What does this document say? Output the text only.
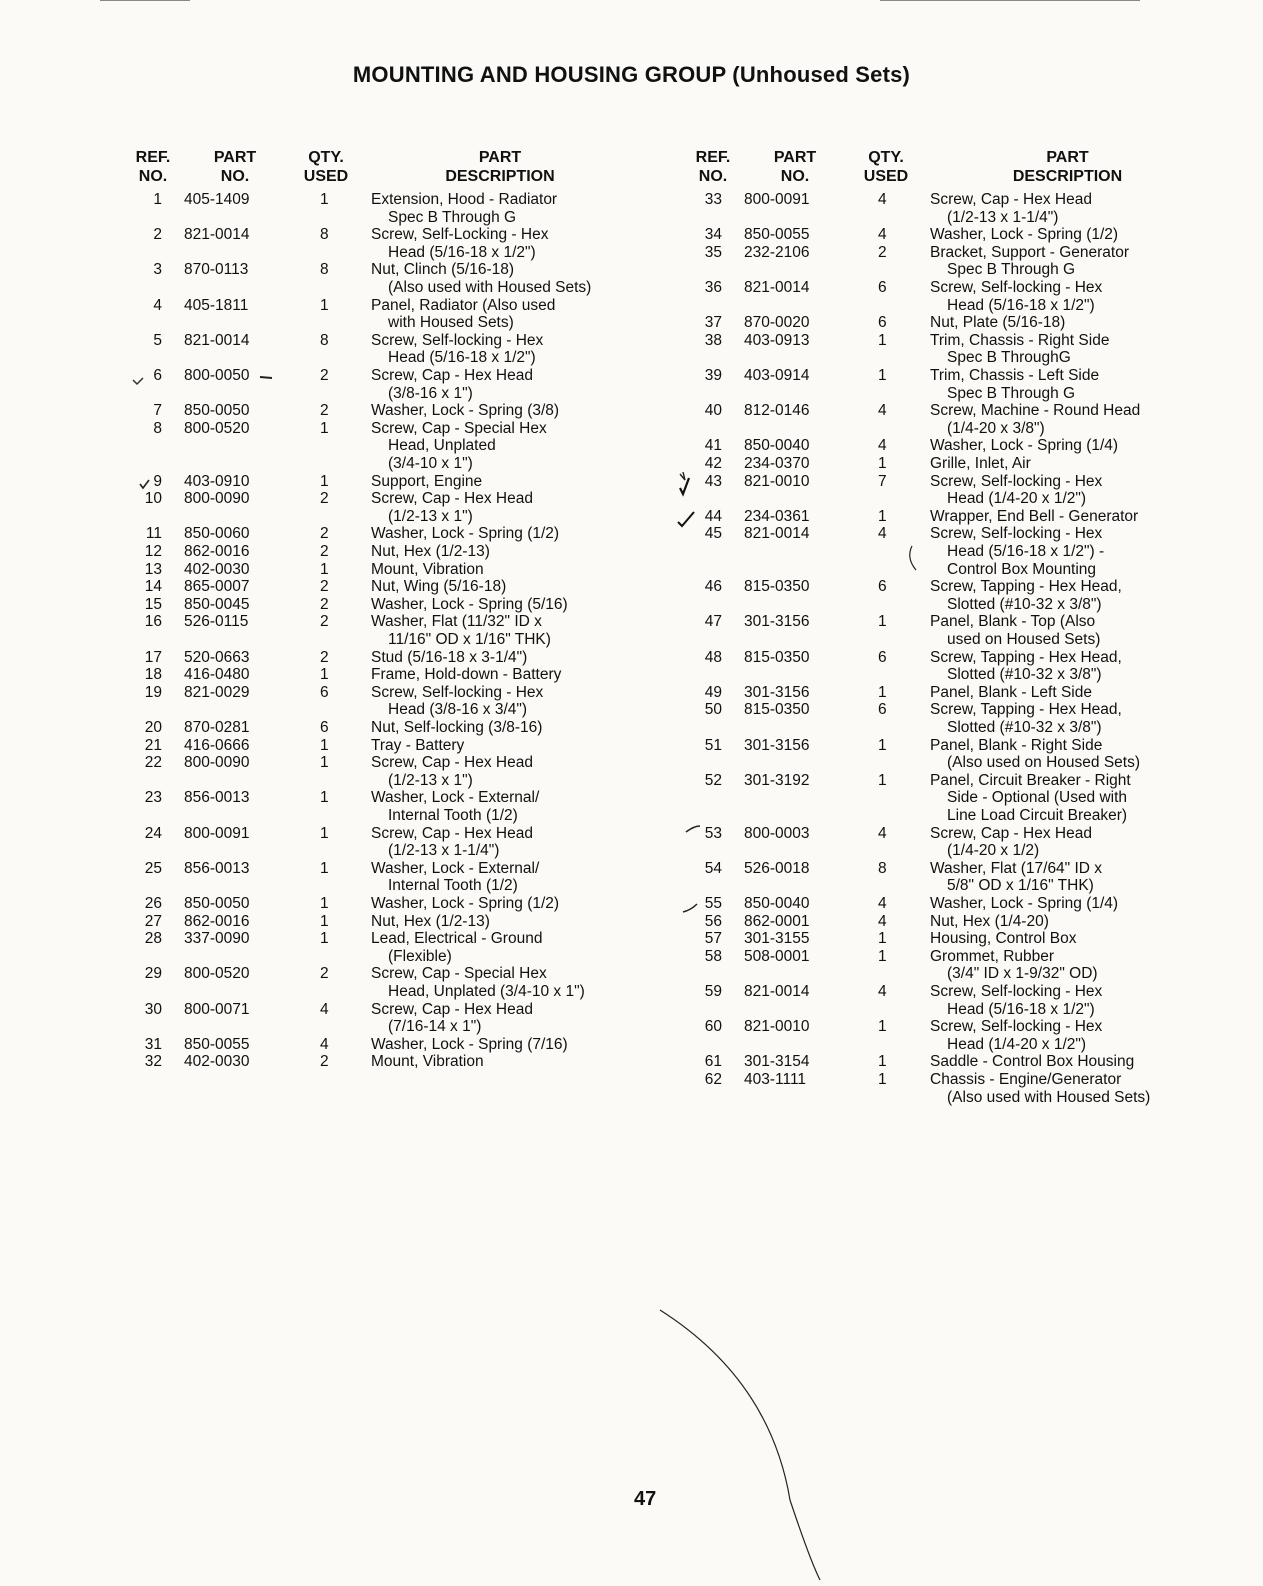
MOUNTING AND HOUSING GROUP (Unhoused Sets)
REF.
NO.
PART
NO.
QTY.
USED
PART
DESCRIPTION
REF.
NO.
PART
NO.
QTY.
USED
PART
DESCRIPTION
1 405-1409	1	Extension, Hood - Radiator
Spec B Through G
2 821-0014	8	Screw, Self-Locking - Hex
Head (5/16-18 x 1/2")
3 870-0113	8	Nut, Clinch (5/16-18)
(Also used with Housed Sets)
4 405-1811	1	Panel, Radiator (Also used
with Housed Sets)
5 821-0014	8	Screw, Self-locking - Hex
Head (5/16-18 x 1/2")
6 800-0050	2	Screw, Cap - Hex Head
(3/8-16 x 1")
7 850-0050	2	Washer, Lock - Spring (3/8)
8 800-0520	1	Screw, Cap - Special Hex
Head, Unplated
(3/4-10 x 1")
9 403-0910	1	Support, Engine
10 800-0090	2	Screw, Cap - Hex Head
(1/2-13 x 1")
11 850-0060	2	Washer, Lock - Spring (1/2)
12 862-0016	2	Nut, Hex (1/2-13)
13 402-0030	1	Mount, Vibration
14 865-0007	2	Nut, Wing (5/16-18)
15 850-0045	2	Washer, Lock - Spring (5/16)
16 526-0115	2	Washer, Flat (11/32" ID x
11/16" OD x 1/16" THK)
17 520-0663	2	Stud (5/16-18 x 3-1/4")
18 416-0480	1	Frame, Hold-down - Battery
19 821-0029	6	Screw, Self-locking - Hex
Head (3/8-16 x 3/4")
20 870-0281	6	Nut, Self-locking (3/8-16)
21 416-0666	1	Tray - Battery
22 800-0090	1	Screw, Cap - Hex Head
(1/2-13 x 1")
23 856-0013	1	Washer, Lock - External/
Internal Tooth (1/2)
24 800-0091	1	Screw, Cap - Hex Head
(1/2-13 x 1-1/4")
25 856-0013	1	Washer, Lock - External/
Internal Tooth (1/2)
26 850-0050	1	Washer, Lock - Spring (1/2)
27 862-0016	1	Nut, Hex (1/2-13)
28 337-0090	1	Lead, Electrical - Ground
(Flexible)
29 800-0520	2	Screw, Cap - Special Hex
Head, Unplated (3/4-10 x 1")
30 800-0071	4	Screw, Cap - Hex Head
(7/16-14 x 1")
31 850-0055	4	Washer, Lock - Spring (7/16)
32 402-0030	2	Mount, Vibration
33 800-0091	4	Screw, Cap - Hex Head
(1/2-13 x 1-1/4")
34 850-0055	4	Washer, Lock - Spring (1/2)
35 232-2106	2	Bracket, Support - Generator
Spec B Through G
36 821-0014	6	Screw, Self-locking - Hex
Head (5/16-18 x 1/2")
37 870-0020	6	Nut, Plate (5/16-18)
38 403-0913	1	Trim, Chassis - Right Side
Spec B ThroughG
39 403-0914	1	Trim, Chassis - Left Side
Spec B Through G
40 812-0146	4	Screw, Machine - Round Head
(1/4-20 x 3/8")
41 850-0040	4	Washer, Lock - Spring (1/4)
42 234-0370	1	Grille, Inlet, Air
43 821-0010	7	Screw, Self-locking - Hex
Head (1/4-20 x 1/2")
44 234-0361	1	Wrapper, End Bell - Generator
45 821-0014	4	Screw, Self-locking - Hex
Head (5/16-18 x 1/2") -
Control Box Mounting
46 815-0350	6	Screw, Tapping - Hex Head,
Slotted (#10-32 x 3/8")
47 301-3156	1	Panel, Blank - Top (Also
used on Housed Sets)
48 815-0350	6	Screw, Tapping - Hex Head,
Slotted (#10-32 x 3/8")
49 301-3156	1	Panel, Blank - Left Side
50 815-0350	6	Screw, Tapping - Hex Head,
Slotted (#10-32 x 3/8")
51 301-3156	1	Panel, Blank - Right Side
(Also used on Housed Sets)
52 301-3192	1	Panel, Circuit Breaker - Right
Side - Optional (Used with
Line Load Circuit Breaker)
53 800-0003	4	Screw, Cap - Hex Head
(1/4-20 x 1/2)
54 526-0018	8	Washer, Flat (17/64" ID x
5/8" OD x 1/16" THK)
55 850-0040	4	Washer, Lock - Spring (1/4)
56 862-0001	4	Nut, Hex (1/4-20)
57 301-3155	1	Housing, Control Box
58 508-0001	1	Grommet, Rubber
(3/4" ID x 1-9/32" OD)
59 821-0014	4	Screw, Self-locking - Hex
Head (5/16-18 x 1/2")
60 821-0010	1	Screw, Self-locking - Hex
Head (1/4-20 x 1/2")
61 301-3154	1	Saddle - Control Box Housing
62 403-1111	1	Chassis - Engine/Generator
(Also used with Housed Sets)
47
